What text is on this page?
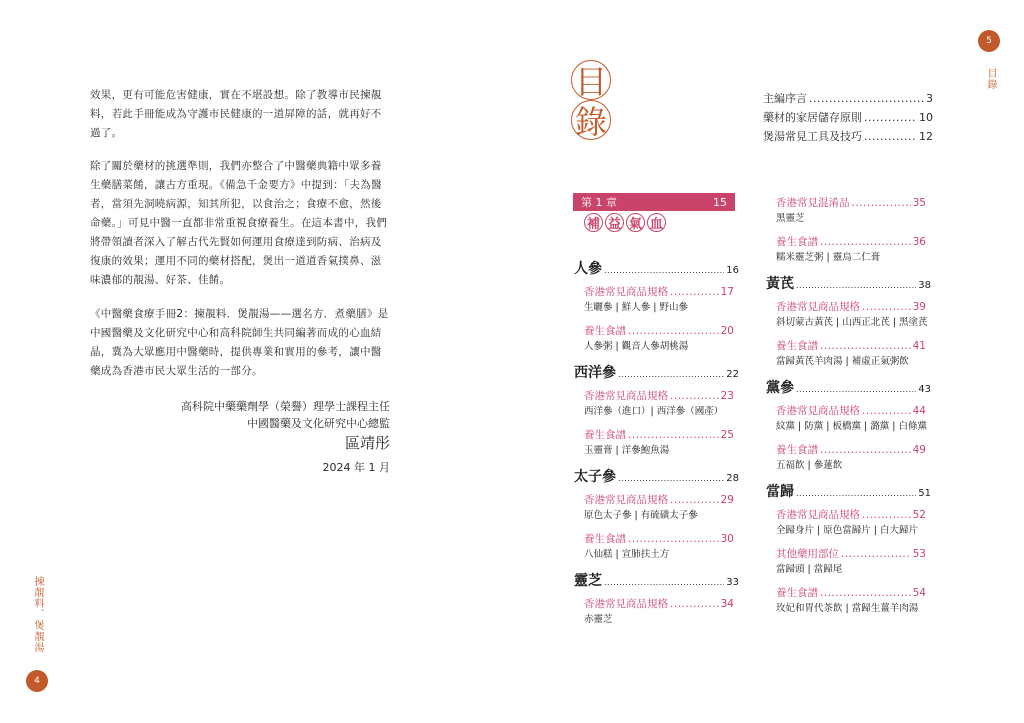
效果，更有可能危害健康，實在不堪設想。除了教導市民揀靚料，若此手冊能成為守護市民健康的一道屏障的話，就再好不過了。
除了關於藥材的挑選準則，我們亦整合了中醫藥典籍中眾多養生藥膳菜餚，讓古方重現。《備急千金要方》中提到：「夫為醫者，當須先洞曉病源，知其所犯，以食治之；食療不愈，然後命藥。」可見中醫一直都非常重視食療養生。在這本書中，我們將帶領讀者深入了解古代先賢如何運用食療達到防病、治病及復康的效果；運用不同的藥材搭配，煲出一道道香氣撲鼻、滋味濃郁的靚湯、好茶、佳餚。
《中醫藥食療手冊2：揀靚料．煲靚湯——選名方．煮藥膳》是中國醫藥及文化研究中心和高科院師生共同編著而成的心血結晶，冀為大眾應用中醫藥時，提供專業和實用的參考，讓中醫藥成為香港市民大眾生活的一部分。
高科院中藥藥劑學（榮譽）理學士課程主任
中國醫藥及文化研究中心總監
區靖彤
2024 年 1 月
揀靚料．煲靚湯
4
5
目錄
目
錄
主編序言 .....	3
藥材的家居儲存原則 .....	10
煲湯常見工具及技巧 .....	12
第 1 章	15
補 益 氣 血
人參 .....	16
香港常見商品規格 .....	17
生曬參 | 鮮人參 | 野山參
養生食譜 .....	20
人參粥 | 觀音人參胡桃湯
西洋參 .....	22
香港常見商品規格 .....	23
西洋參（進口）| 西洋參（國產）
養生食譜 .....	25
玉靈膏 | 洋參鮑魚湯
太子參 .....	28
香港常見商品規格 .....	29
原色太子參 | 有硫磺太子參
養生食譜 .....	30
八仙糕 | 宣肺扶土方
靈芝 .....	33
香港常見商品規格 .....	34
赤靈芝
香港常見混淆品 .....	35
黑靈芝
養生食譜 .....	36
糯米靈芝粥 | 靈烏二仁膏
黃芪 .....	38
香港常見商品規格 .....	39
斜切蒙古黃芪 | 山西正北芪 | 黑塗芪
養生食譜 .....	41
當歸黃芪羊肉湯 | 補虛正氣粥飲
黨參 .....	43
香港常見商品規格 .....	44
紋黨 | 防黨 | 板橋黨 | 潞黨 | 白條黨
養生食譜 .....	49
五福飲 | 參蓮飲
當歸 .....	51
香港常見商品規格 .....	52
全歸身片 | 原色當歸片 | 白大歸片
其他藥用部位 .....	53
當歸頭 | 當歸尾
養生食譜 .....	54
玫妃和胃代茶飲 | 當歸生薑羊肉湯
